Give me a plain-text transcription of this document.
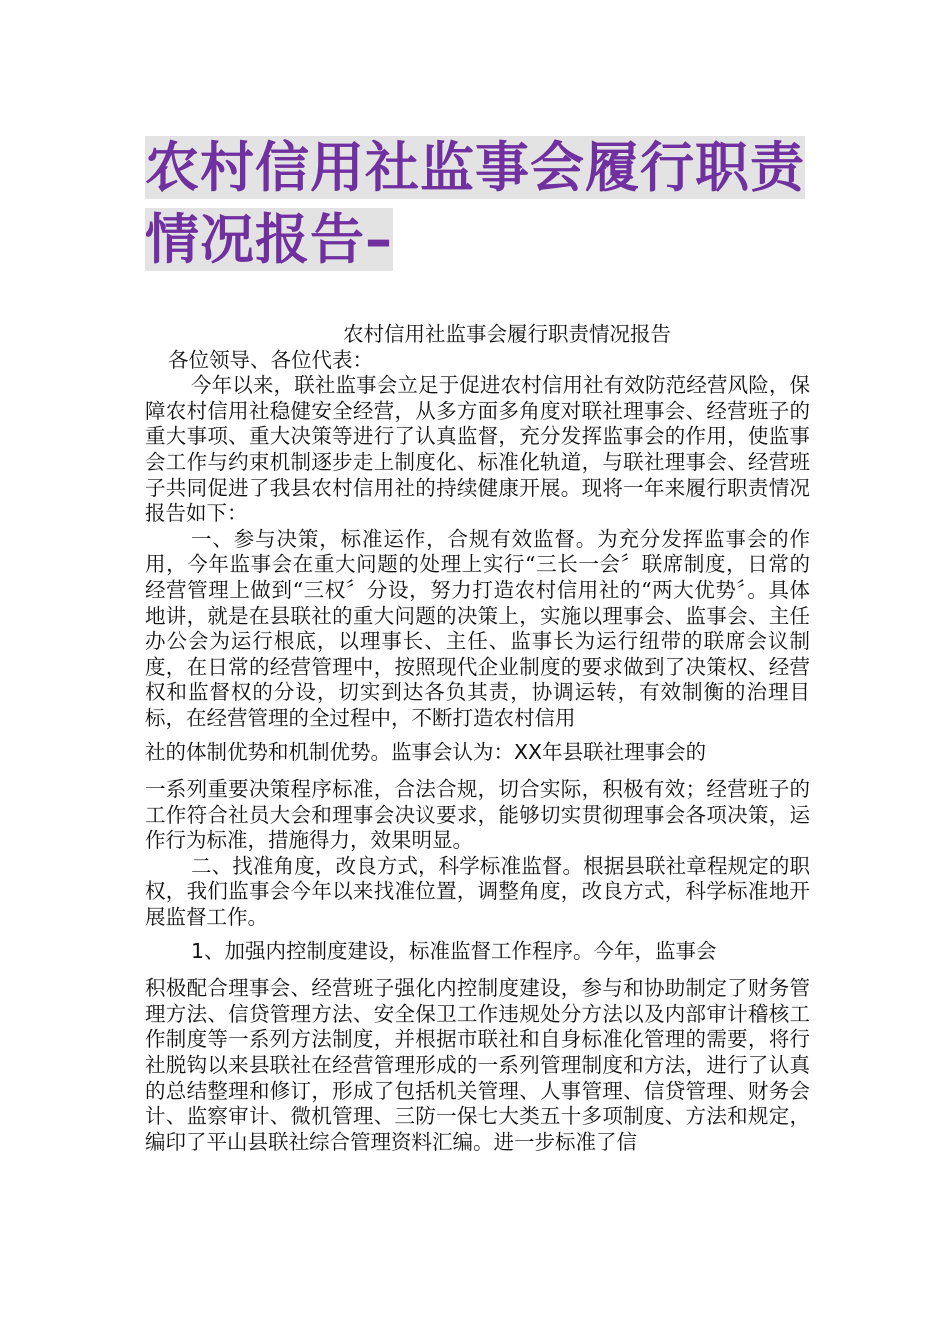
农村信用社监事会履行职责情况报告–

农村信用社监事会履行职责情况报告

各位领导、各位代表：

今年以来，联社监事会立足于促进农村信用社有效防范经营风险，保障农村信用社稳健安全经营，从多方面多角度对联社理事会、经营班子的重大事项、重大决策等进行了认真监督，充分发挥监事会的作用，使监事会工作与约束机制逐步走上制度化、标准化轨道，与联社理事会、经营班子共同促进了我县农村信用社的持续健康开展。现将一年来履行职责情况报告如下：

一、参与决策，标准运作，合规有效监督。为充分发挥监事会的作用，今年监事会在重大问题的处理上实行“三长一会〞联席制度，日常的经营管理上做到“三权〞分设，努力打造农村信用社的“两大优势〞。具体地讲，就是在县联社的重大问题的决策上，实施以理事会、监事会、主任办公会为运行根底，以理事长、主任、监事长为运行纽带的联席会议制度，在日常的经营管理中，按照现代企业制度的要求做到了决策权、经营权和监督权的分设，切实到达各负其责，协调运转，有效制衡的治理目标，在经营管理的全过程中，不断打造农村信用

社的体制优势和机制优势。监事会认为：XX年县联社理事会的

一系列重要决策程序标准，合法合规，切合实际，积极有效；经营班子的工作符合社员大会和理事会决议要求，能够切实贯彻理事会各项决策，运作行为标准，措施得力，效果明显。

二、找准角度，改良方式，科学标准监督。根据县联社章程规定的职权，我们监事会今年以来找准位置，调整角度，改良方式，科学标准地开展监督工作。

1、加强内控制度建设，标准监督工作程序。今年，监事会

积极配合理事会、经营班子强化内控制度建设，参与和协助制定了财务管理方法、信贷管理方法、安全保卫工作违规处分方法以及内部审计稽核工作制度等一系列方法制度，并根据市联社和自身标准化管理的需要，将行社脱钩以来县联社在经营管理形成的一系列管理制度和方法，进行了认真的总结整理和修订，形成了包括机关管理、人事管理、信贷管理、财务会计、监察审计、微机管理、三防一保七大类五十多项制度、方法和规定，编印了平山县联社综合管理资料汇编。进一步标准了信
